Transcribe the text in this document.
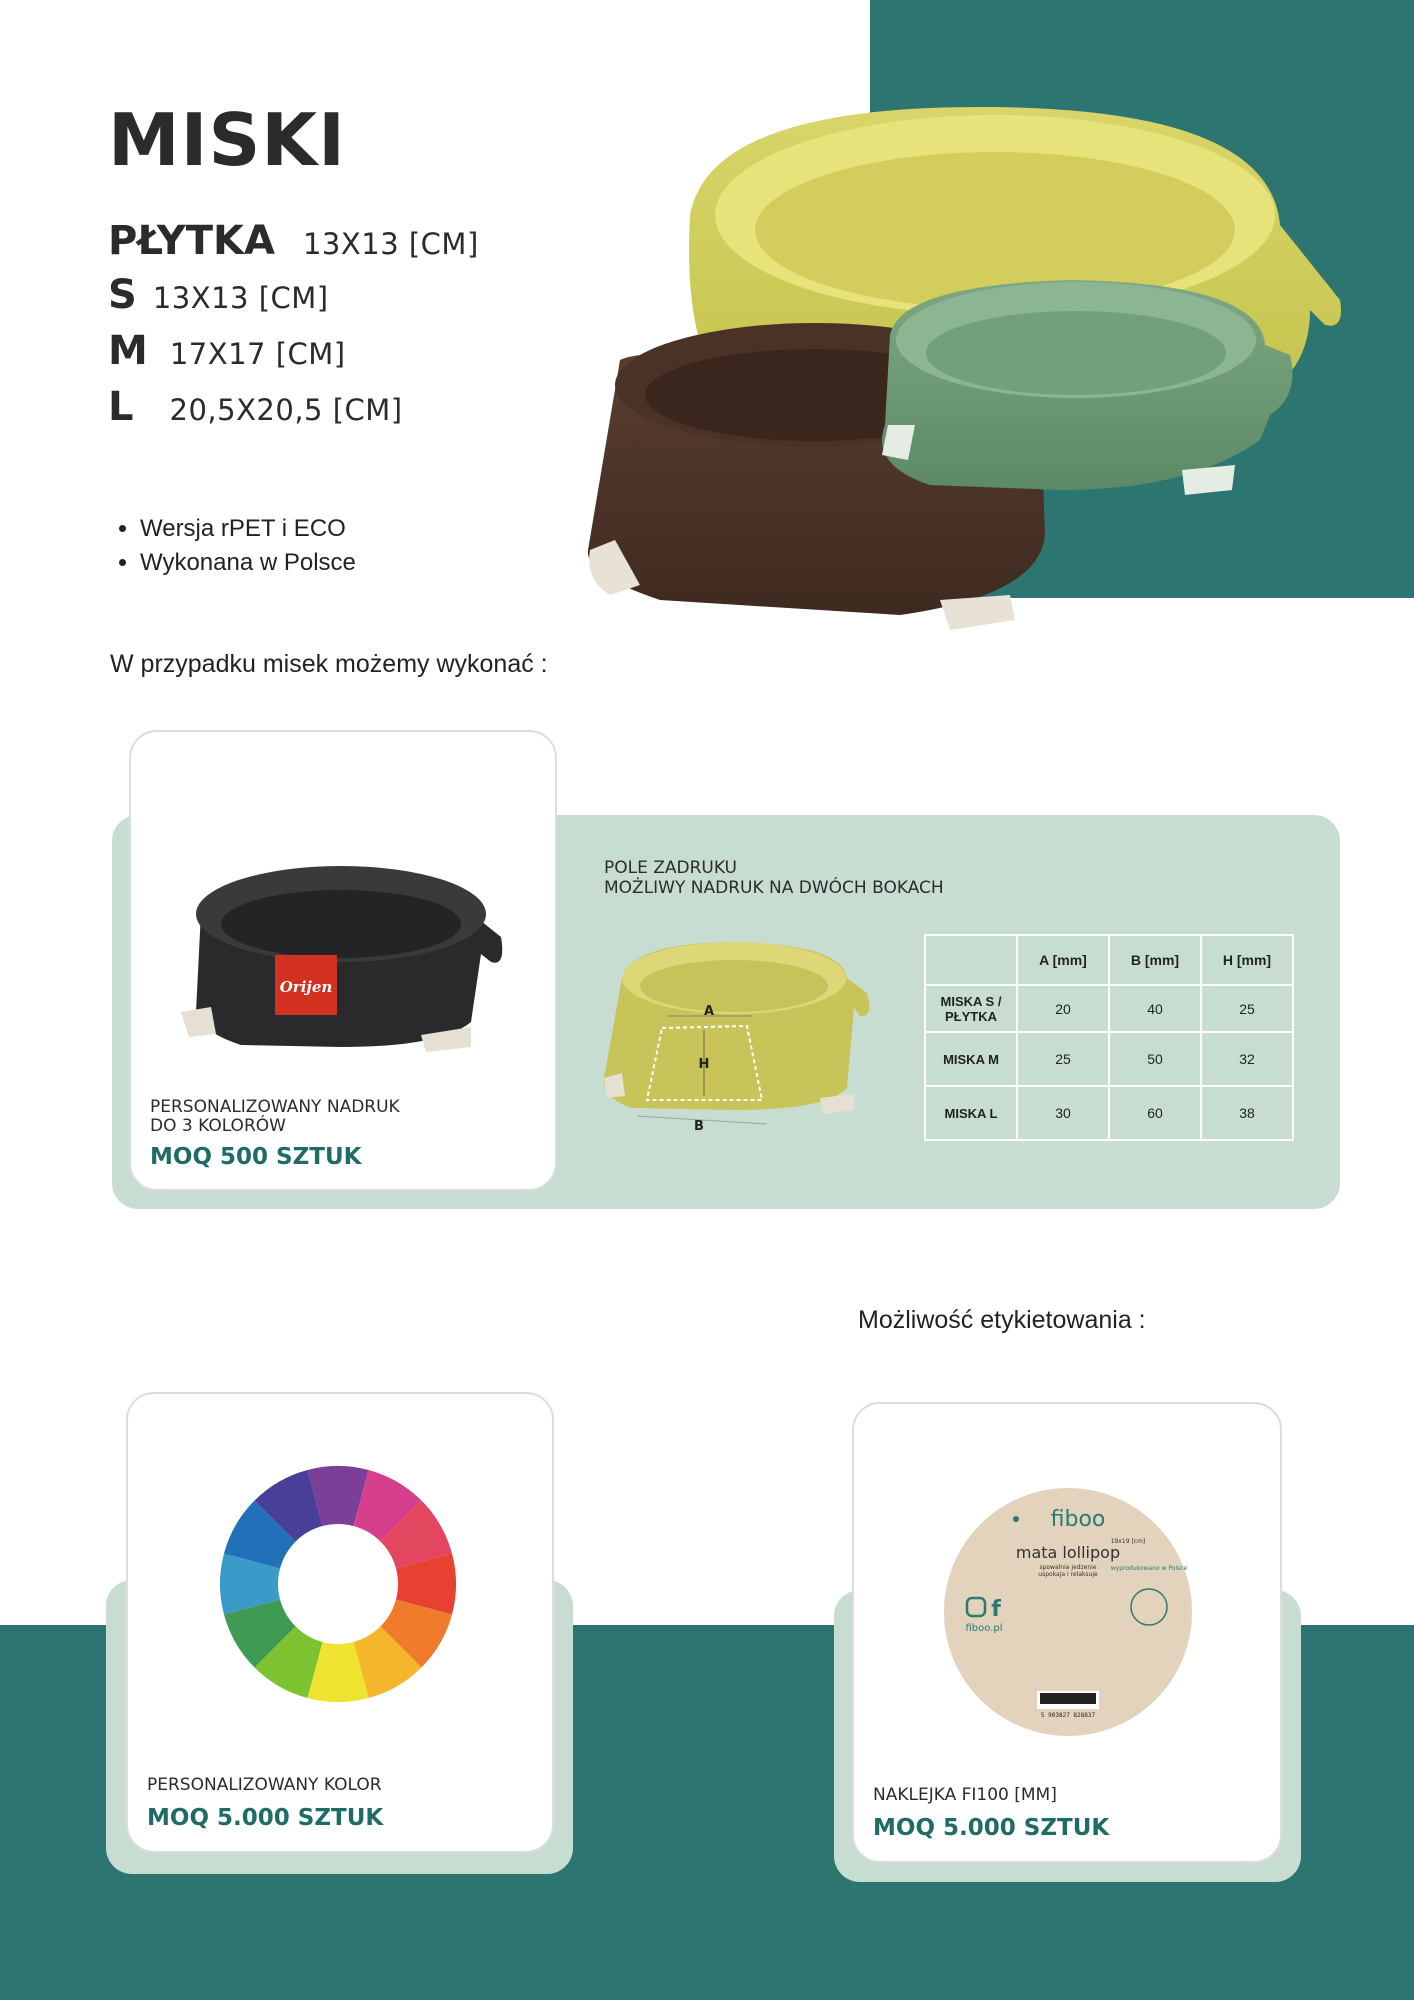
MISKI
PŁYTKA 13X13 [CM]
S 13X13 [CM]
M 17X17 [CM]
L 20,5X20,5 [CM]
• Wersja rPET i ECO
• Wykonana w Polsce

W przypadku misek możemy wykonać :

Orijen

PERSONALIZOWANY NADRUK

DO 3 KOLORÓW

MOQ 500 SZTUK

POLE ZADRUKU
MOŻLIWY NADRUK NA DWÓCH BOKACH
A
H
B
	A [mm]	B [mm]	H [mm]
MISKA S / PŁYTKA	20	40	25
MISKA M	25	50	32
MISKA L	30	60	38

Możliwość etykietowania :

PERSONALIZOWANY KOLOR

MOQ 5.000 SZTUK

fiboo
19x19 [cm]
mata lollipop
spowalnia jedzenie
uspokaja i relaksuje
f
fiboo.pl
wyprodukowano w Polsce
5 903827 828837

NAKLEJKA FI100 [MM]

MOQ 5.000 SZTUK
